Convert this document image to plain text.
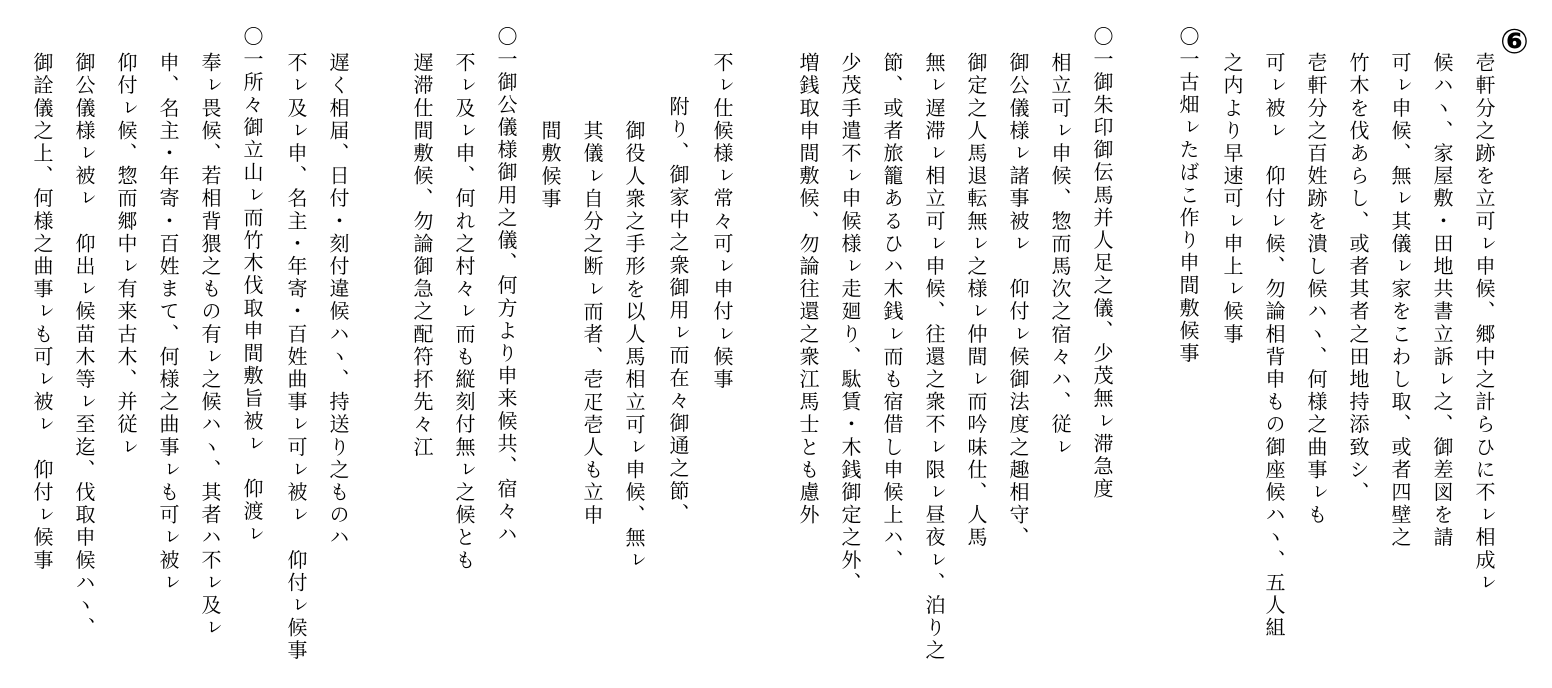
⑥
壱軒分之跡を立可ㇾ申候、郷中之計らひに不ㇾ相成ㇾ
候ハヽ、家屋敷・田地共書立訴ㇾ之、御差図を請
可ㇾ申候、無ㇾ其儀ㇾ家をこわし取、或者四壁之
竹木を伐あらし、或者其者之田地持添致シ、
壱軒分之百姓跡を潰し候ハヽ、何様之曲事ㇾも
可ㇾ被ㇾ　仰付ㇾ候、勿論相背申もの御座候ハヽ、五人組
之内より早速可ㇾ申上ㇾ候事
〇一古畑ㇾたばこ作り申間敷候事
〇一御朱印御伝馬并人足之儀、少茂無ㇾ滞急度
相立可ㇾ申候、惣而馬次之宿々ハ、従ㇾ
御公儀様ㇾ諸事被ㇾ　仰付ㇾ候御法度之趣相守、
御定之人馬退転無ㇾ之様ㇾ仲間ㇾ而吟味仕、人馬
無ㇾ遅滞ㇾ相立可ㇾ申候、往還之衆不ㇾ限ㇾ昼夜ㇾ、泊り之
節、或者旅籠あるひハ木銭ㇾ而も宿借し申候上ハ、
少茂手遣不ㇾ申候様ㇾ走廻り、駄賃・木銭御定之外、
増銭取申間敷候、勿論往還之衆江馬士とも慮外
不ㇾ仕候様ㇾ常々可ㇾ申付ㇾ候事
附り、御家中之衆御用ㇾ而在々御通之節、
御役人衆之手形を以人馬相立可ㇾ申候、無ㇾ
其儀ㇾ自分之断ㇾ而者、壱疋壱人も立申
間敷候事
〇一御公儀様御用之儀、何方より申来候共、宿々ハ
不ㇾ及ㇾ申、何れ之村々ㇾ而も縦刻付無ㇾ之候とも
遅滞仕間敷候、勿論御急之配符抔先々江
遅く相届、日付・刻付違候ハヽ、持送り之ものハ
不ㇾ及ㇾ申、名主・年寄・百姓曲事ㇾ可ㇾ被ㇾ　仰付ㇾ候事
〇一所々御立山ㇾ而竹木伐取申間敷旨被ㇾ　仰渡ㇾ
奉ㇾ畏候、若相背猥之もの有ㇾ之候ハヽ、其者ハ不ㇾ及ㇾ
申、名主・年寄・百姓まて、何様之曲事ㇾも可ㇾ被ㇾ
仰付ㇾ候、惣而郷中ㇾ有来古木、并従ㇾ
御公儀様ㇾ被ㇾ　仰出ㇾ候苗木等ㇾ至迄、伐取申候ハヽ、
御詮儀之上、何様之曲事ㇾも可ㇾ被ㇾ　仰付ㇾ候事
